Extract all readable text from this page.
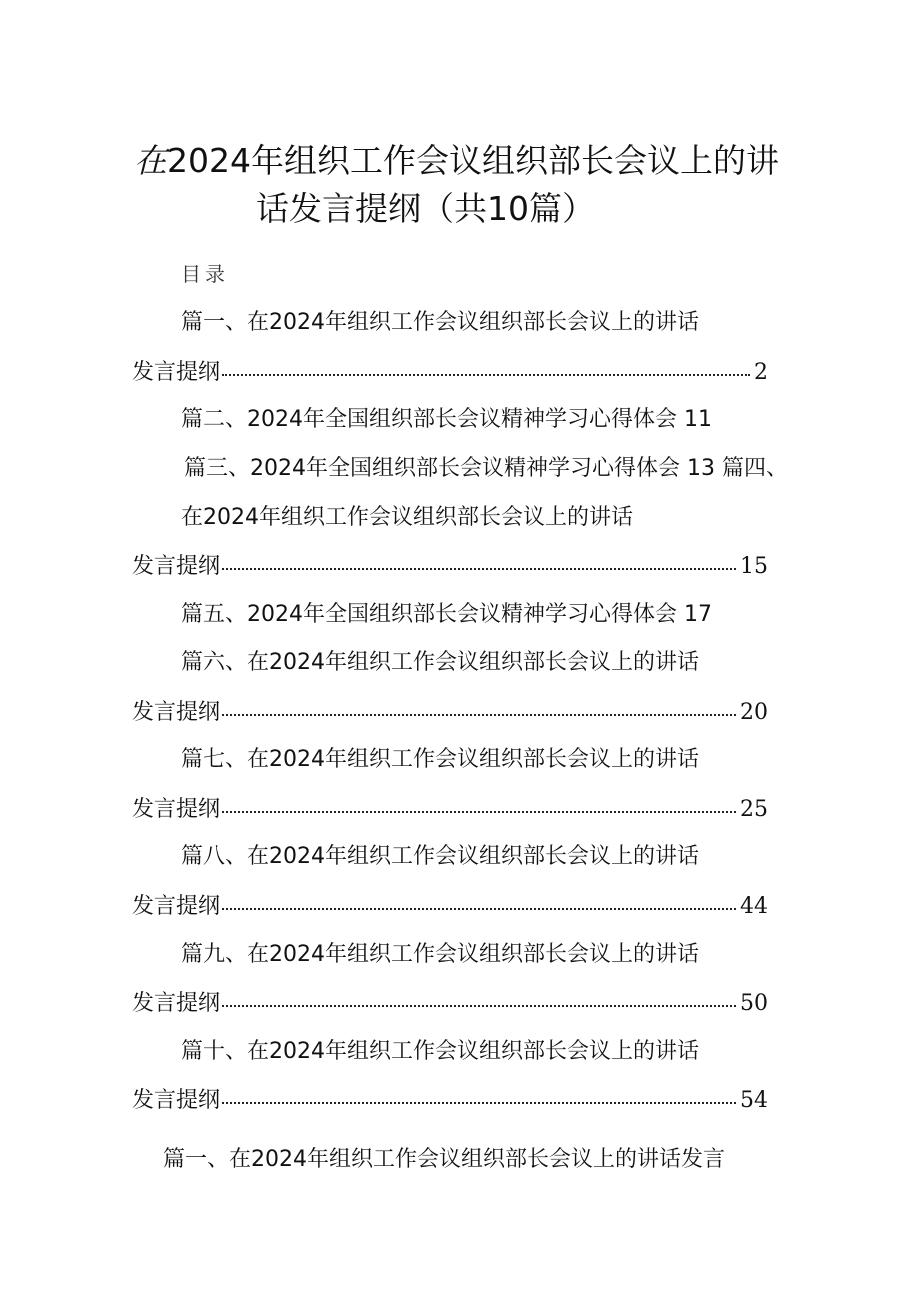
在2024年组织工作会议组织部长会议上的讲
话发言提纲（共10篇）
目录
篇一、在2024年组织工作会议组织部长会议上的讲话
发言提纲	2
篇二、2024年全国组织部长会议精神学习心得体会 11
篇三、2024年全国组织部长会议精神学习心得体会 13 篇四、
在2024年组织工作会议组织部长会议上的讲话
发言提纲	15
篇五、2024年全国组织部长会议精神学习心得体会 17
篇六、在2024年组织工作会议组织部长会议上的讲话
发言提纲	20
篇七、在2024年组织工作会议组织部长会议上的讲话
发言提纲	25
篇八、在2024年组织工作会议组织部长会议上的讲话
发言提纲	44
篇九、在2024年组织工作会议组织部长会议上的讲话
发言提纲	50
篇十、在2024年组织工作会议组织部长会议上的讲话
发言提纲	54
篇一、在2024年组织工作会议组织部长会议上的讲话发言
